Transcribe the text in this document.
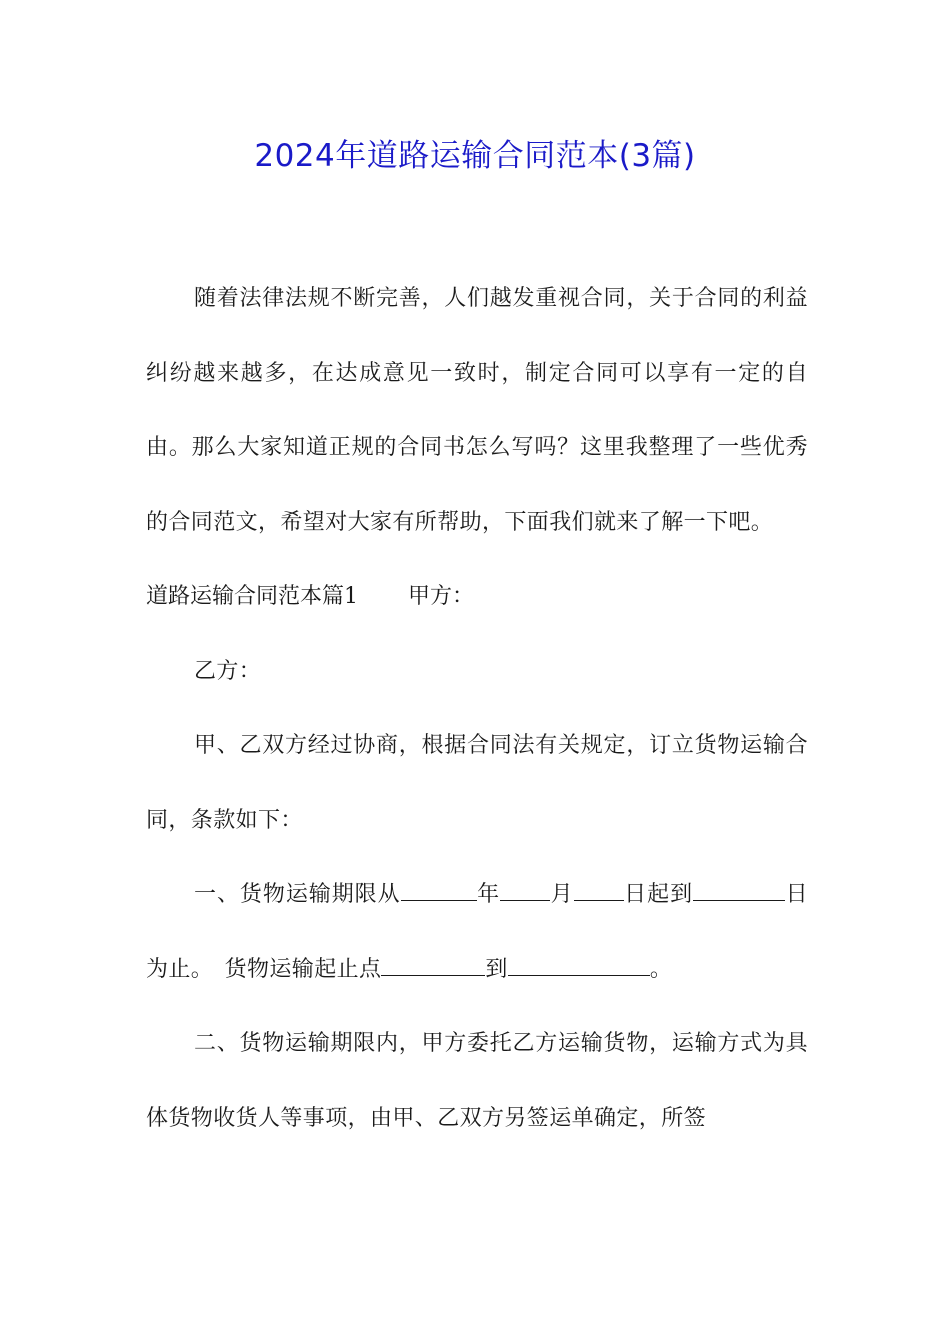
2024年道路运输合同范本(3篇)

随着法律法规不断完善，人们越发重视合同，关于合同的利益纠纷越来越多，在达成意见一致时，制定合同可以享有一定的自由。那么大家知道正规的合同书怎么写吗？这里我整理了一些优秀的合同范文，希望对大家有所帮助，下面我们就来了解一下吧。

道路运输合同范本篇1 甲方：

乙方：

甲、乙双方经过协商，根据合同法有关规定，订立货物运输合同，条款如下：

一、货物运输期限从	年 月 日起到	日为止。  货物运输起止点	到	。

二、货物运输期限内，甲方委托乙方运输货物，运输方式为具体货物收货人等事项，由甲、乙双方另签运单确定，所签
